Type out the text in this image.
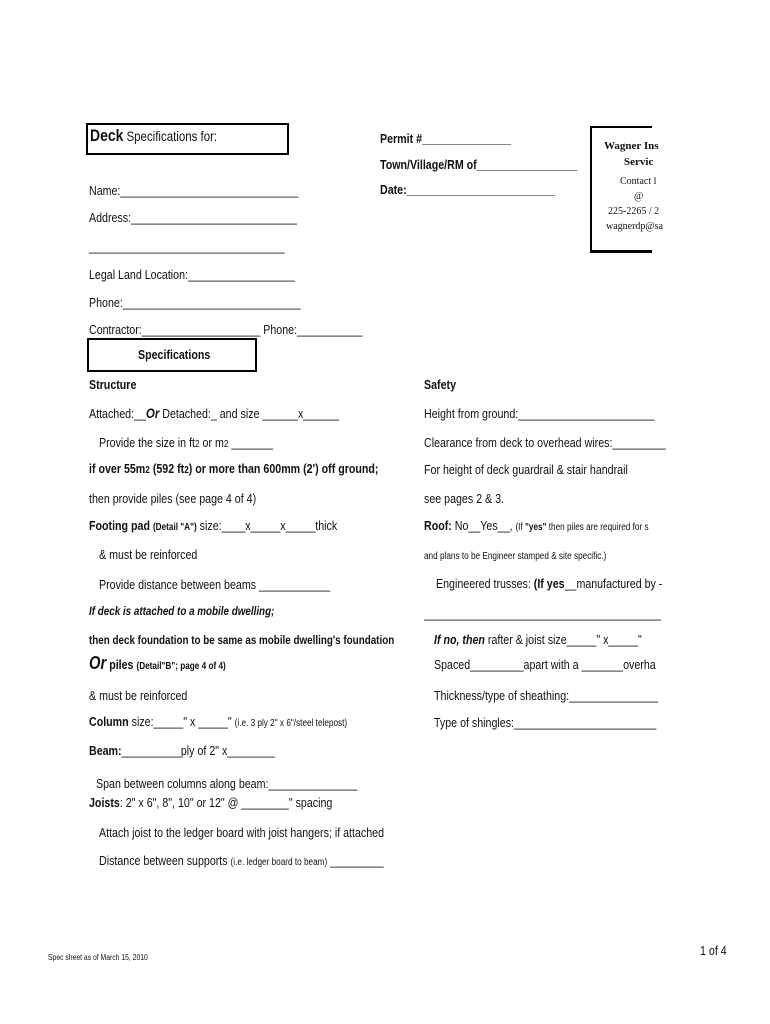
Deck Specifications for:	Permit #_______________
Town/Village/RM of_________________
Date:_________________________
Wagner Ins
Servic
Contact l
@
225-2265 / 2
wagnerdp@sa
Name:______________________________
Address:____________________________
_________________________________
Legal Land Location:__________________
Phone:______________________________
Contractor:____________________ Phone:___________
Specifications
Structure
Attached:__Or Detached:_ and size ______x______
Provide the size in ft2 or m2 _______
if over 55m2 (592 ft2) or more than 600mm (2') off ground;
then provide piles (see page 4 of 4)
Footing pad (Detail "A") size:____x_____x_____thick
& must be reinforced
Provide distance between beams ____________
If deck is attached to a mobile dwelling;
then deck foundation to be same as mobile dwelling's foundation
Or piles (Detail"B"; page 4 of 4)
& must be reinforced
Column size:_____" x _____" (i.e. 3 ply 2" x 6"/steel telepost)
Beam:__________ply of 2" x________
Span between columns along beam:_______________
Joists: 2" x 6", 8", 10" or 12" @ ________" spacing
Attach joist to the ledger board with joist hangers; if attached
Distance between supports (i.e. ledger board to beam) _________
Safety
Height from ground:_______________________
Clearance from deck to overhead wires:_________
For height of deck guardrail & stair handrail
see pages 2 & 3.
Roof: No__Yes__, (If "yes" then piles are required for s
and plans to be Engineer stamped & site specific.)
Engineered trusses: (If yes__manufactured by -
________________________________________
If no, then rafter & joist size_____" x_____"
Spaced_________apart with a _______overha
Thickness/type of sheathing:_______________
Type of shingles:________________________
Spec sheet as of March 15, 2010	1 of 4
